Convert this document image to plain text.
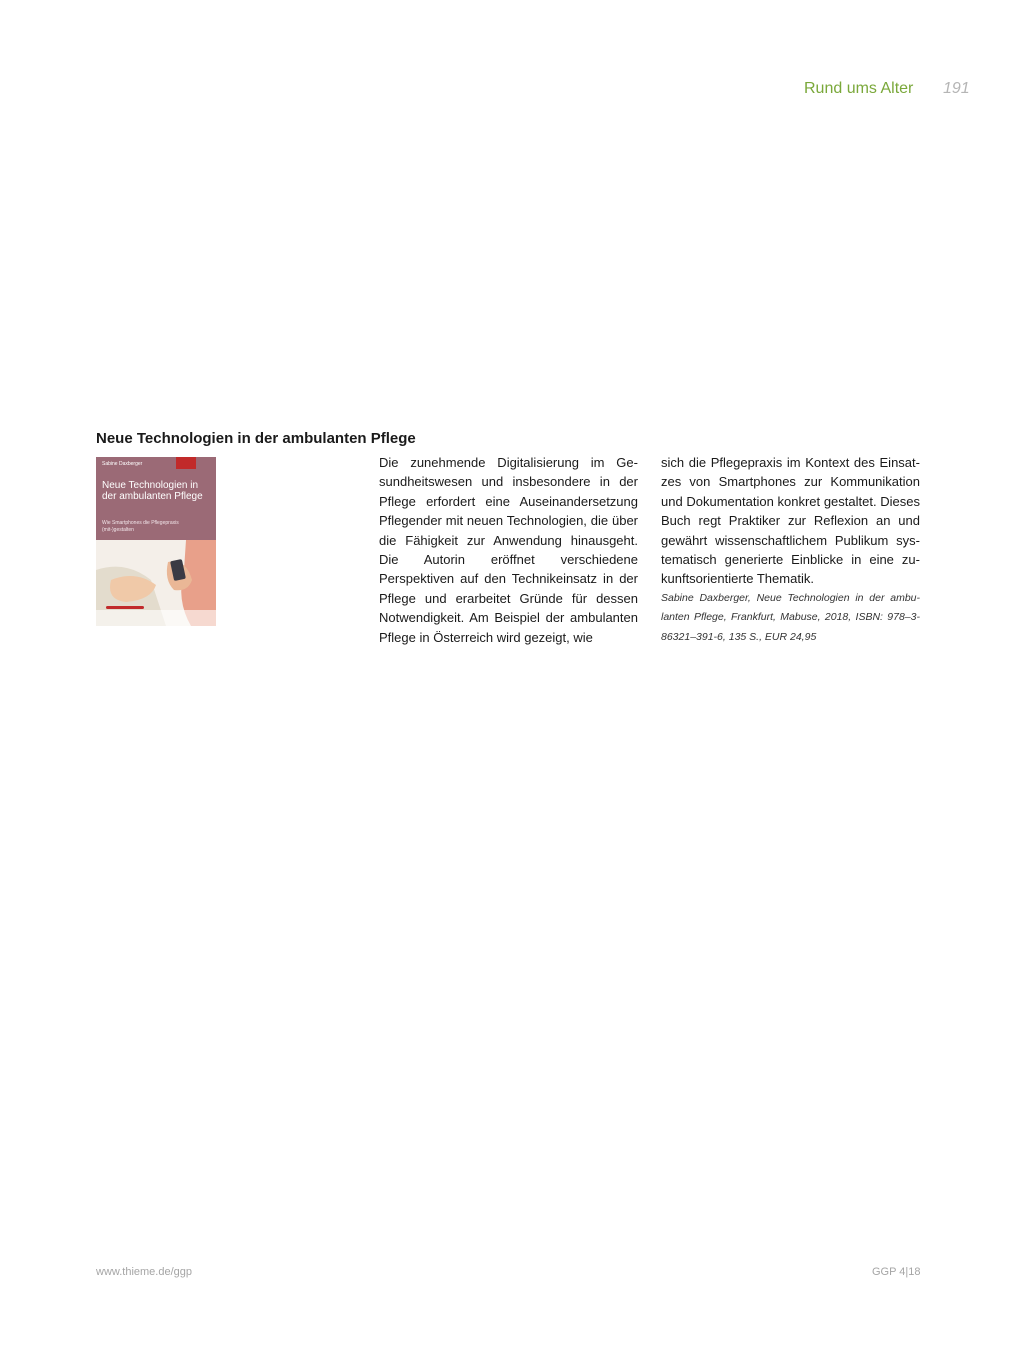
Rund ums Alter 191
Neue Technologien in der ambulanten Pflege
Sabine Daxberger
Neue Technologien in der ambulanten Pflege
Wie Smartphones die Pflegepraxis (mit-)gestalten

Die zunehmende Digitalisierung im Gesundheitswesen und insbesondere in der Pflege erfordert eine Auseinandersetzung Pflegender mit neuen Technologien, die über die Fähigkeit zur Anwendung hinausgeht. Die Autorin eröffnet verschiedene Perspektiven auf den Technikeinsatz in der Pflege und erarbeitet Gründe für dessen Notwendigkeit. Am Beispiel der ambulanten Pflege in Österreich wird gezeigt, wie

sich die Pflegepraxis im Kontext des Einsatzes von Smartphones zur Kommunikation und Dokumentation konkret gestaltet. Dieses Buch regt Praktiker zur Reflexion an und gewährt wissenschaftlichem Publikum systematisch generierte Einblicke in eine zukunftsorientierte Thematik.

Sabine Daxberger, Neue Technologien in der ambulanten Pflege, Frankfurt, Mabuse, 2018, ISBN: 978–3-86321–391-6, 135 S., EUR 24,95

www.thieme.de/ggp	GGP 4|18
